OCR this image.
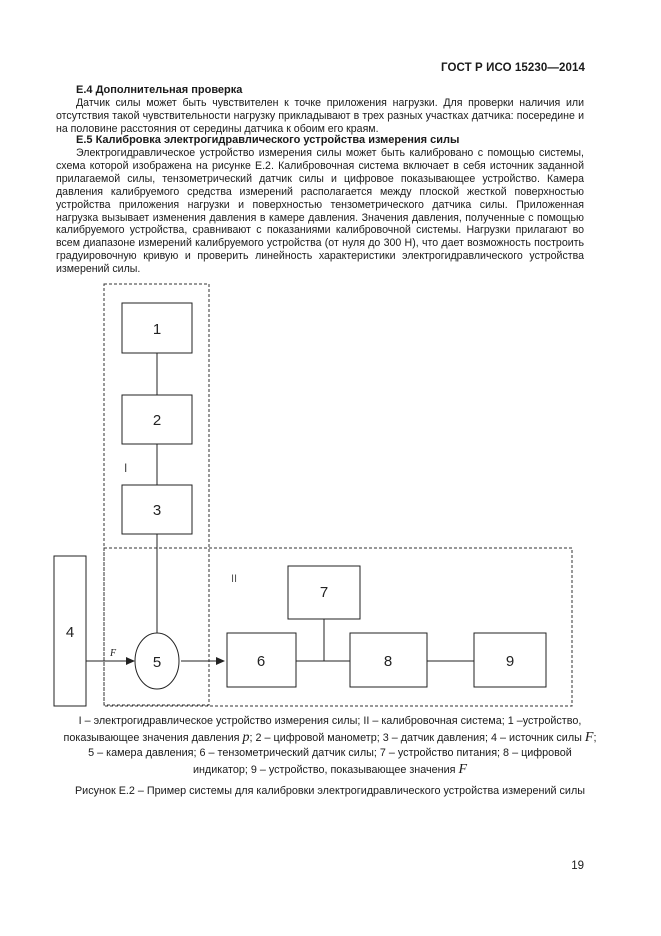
ГОСТ Р ИСО 15230—2014
Е.4 Дополнительная проверка

Датчик силы может быть чувствителен к точке приложения нагрузки. Для проверки наличия или отсутствия такой чувствительности нагрузку прикладывают в трех разных участках датчика: посередине и на половине расстояния от середины датчика к обоим его краям.

Е.5 Калибровка электрогидравлического устройства измерения силы

Электрогидравлическое устройство измерения силы может быть калибровано с помощью системы, схема которой изображена на рисунке Е.2. Калибровочная система включает в себя источник заданной прилагаемой силы, тензометрический датчик силы и цифровое показывающее устройство. Камера давления калибруемого средства измерений располагается между плоской жесткой поверхностью устройства приложения нагрузки и поверхностью тензометрического датчика силы. Приложенная нагрузка вызывает изменения давления в камере давления. Значения давления, полученные с помощью калибруемого устройства, сравнивают с показаниями калибровочной системы. Нагрузки прилагают во всем диапазоне измерений калибруемого устройства (от нуля до 300 Н), что дает возможность построить градуировочную кривую и проверить линейность характеристики электрогидравлического устройства измерений силы.

I
II
F
1
2
3
4
5	6
7
8	9

I – электрогидравлическое устройство измерения силы; II – калибровочная система; 1 –устройство, показывающее значения давления p; 2 – цифровой манометр; 3 – датчик давления; 4 – источник силы F; 5 – камера давления; 6 – тензометрический датчик силы; 7 – устройство питания; 8 – цифровой индикатор; 9 – устройство, показывающее значения F

Рисунок Е.2 – Пример системы для калибровки электрогидравлического устройства измерений силы
19
